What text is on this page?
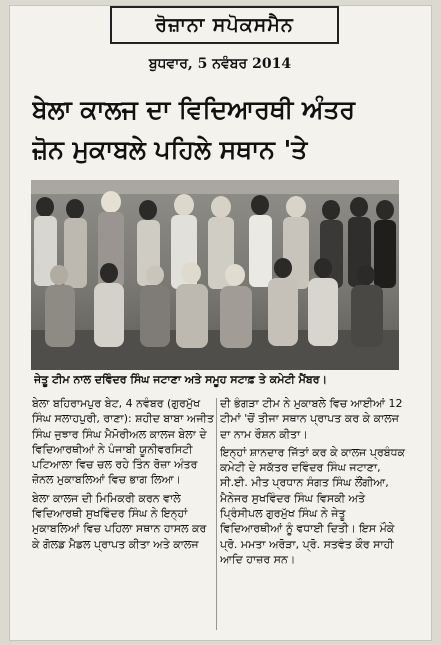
ਰੋਜ਼ਾਨਾ ਸਪੋਕਸਮੈਨ
ਬੁਧਵਾਰ, 5 ਨਵੰਬਰ 2014
ਬੇਲਾ ਕਾਲਜ ਦਾ ਵਿਦਿਆਰਥੀ ਅੰਤਰ
ਜ਼ੋਨ ਮੁਕਾਬਲੇ ਪਹਿਲੇ ਸਥਾਨ 'ਤੇ
ਜੇਤੂ ਟੀਮ ਨਾਲ ਦਵਿੰਦਰ ਸਿੰਘ ਜਟਾਣਾ ਅਤੇ ਸਮੂਹ ਸਟਾਫ਼ ਤੇ ਕਮੇਟੀ ਮੈਂਬਰ।

ਬੇਲਾ ਬਹਿਰਾਮਪੁਰ ਬੇਟ, 4 ਨਵੰਬਰ (ਗੁਰਮੁੱਖ ਸਿੰਘ ਸਲਾਹਪੁਰੀ, ਰਾਣਾ): ਸ਼ਹੀਦ ਬਾਬਾ ਅਜੀਤ ਸਿੰਘ ਜੁਝਾਰ ਸਿੰਘ ਮੈਮੋਰੀਅਲ ਕਾਲਜ ਬੇਲਾ ਦੇ ਵਿਦਿਆਰਥੀਆਂ ਨੇ ਪੰਜਾਬੀ ਯੂਨੀਵਰਸਿਟੀ ਪਟਿਆਲਾ ਵਿਚ ਚਲ ਰਹੇ ਤਿੰਨ ਰੋਜ਼ਾ ਅੰਤਰ ਜ਼ੋਨਲ ਮੁਕਾਬਲਿਆਂ ਵਿਚ ਭਾਗ ਲਿਆ।

ਬੇਲਾ ਕਾਲਜ ਦੀ ਮਿਮਿਕਰੀ ਕਰਨ ਵਾਲੇ ਵਿਦਿਆਰਥੀ ਸੁਖਵਿੰਦਰ ਸਿੰਘ ਨੇ ਇਨ੍ਹਾਂ ਮੁਕਾਬਲਿਆਂ ਵਿਚ ਪਹਿਲਾ ਸਥਾਨ ਹਾਸਲ ਕਰ ਕੇ ਗੋਲਡ ਮੈਡਲ ਪ੍ਰਾਪਤ ਕੀਤਾ ਅਤੇ ਕਾਲਜ

ਦੀ ਭੰਗੜਾ ਟੀਮ ਨੇ ਮੁਕਾਬਲੇ ਵਿਚ ਆਈਆਂ 12 ਟੀਮਾਂ 'ਚੋਂ ਤੀਜਾ ਸਥਾਨ ਪ੍ਰਾਪਤ ਕਰ ਕੇ ਕਾਲਜ ਦਾ ਨਾਮ ਰੌਸ਼ਨ ਕੀਤਾ।

ਇਨ੍ਹਾਂ ਸ਼ਾਨਦਾਰ ਜਿੱਤਾਂ ਕਰ ਕੇ ਕਾਲਜ ਪ੍ਰਬੰਧਕ ਕਮੇਟੀ ਦੇ ਸਕੱਤਰ ਦਵਿੰਦਰ ਸਿੰਘ ਜਟਾਣਾ, ਸੀ.ਈ. ਮੀਤ ਪ੍ਰਧਾਨ ਸੰਗਤ ਸਿੰਘ ਲੌਂਗੀਆ, ਮੈਨੇਜਰ ਸੁਖਵਿੰਦਰ ਸਿੰਘ ਵਿਸਕੀ ਅਤੇ ਪ੍ਰਿੰਸੀਪਲ ਗੁਰਮੁੱਖ ਸਿੰਘ ਨੇ ਜੇਤੂ ਵਿਦਿਆਰਥੀਆਂ ਨੂੰ ਵਧਾਈ ਦਿਤੀ। ਇਸ ਮੌਕੇ ਪ੍ਰੋ. ਮਮਤਾ ਅਰੋੜਾ, ਪ੍ਰੋ. ਸਤਵੰਤ ਕੌਰ ਸਾਹੀ ਆਦਿ ਹਾਜ਼ਰ ਸਨ।
